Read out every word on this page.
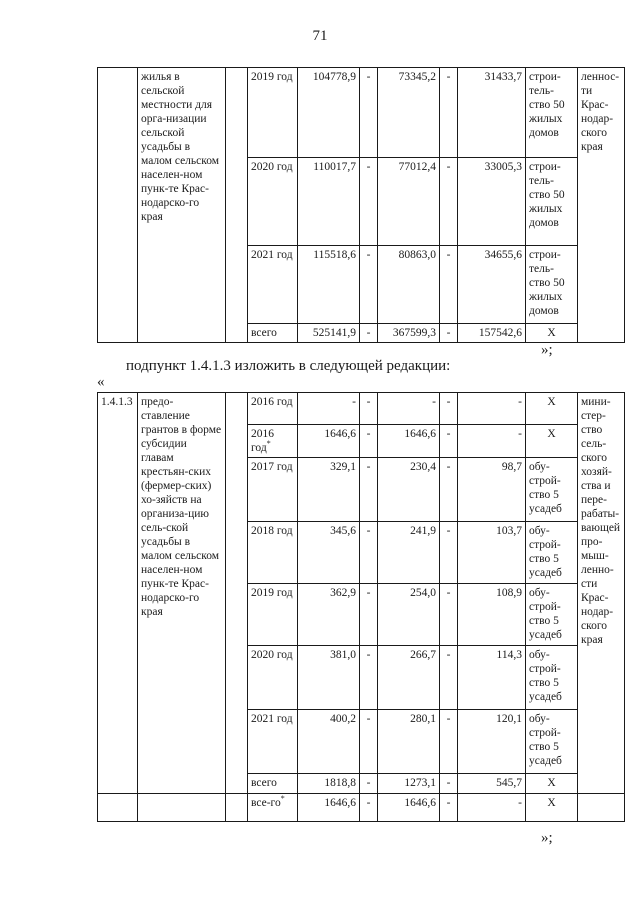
71
	жилья в сельской местности для орга-низации сельской усадьбы в малом сельском населен-ном пунк-те Крас-нодарско-го края		2019 год	104778,9	-	73345,2	-	31433,7	строи-тель-ство 50 жилых домов	леннос-ти Крас-нодар-ского края
			2020 год	110017,7	-	77012,4	-	33005,3	строи-тель-ство 50 жилых домов	
			2021 год	115518,6	-	80863,0	-	34655,6	строи-тель-ство 50 жилых домов	
			всего	525141,9	-	367599,3	-	157542,6	X	
»;
подпункт 1.4.1.3 изложить в следующей редакции:
«
1.4.1.3	предо-ставление грантов в форме субсидии главам крестьян-ских (фермер-ских) хо-зяйств на организа-цию сель-ской усадьбы в малом сельском населен-ном пунк-те Крас-нодарско-го края		2016 год	-	-	-	-	-	X	мини-стер-ство сель-ского хозяй-ства и пере-рабаты-вающей про-мыш-ленно-сти Крас-нодар-ского края
			2016 год*	1646,6	-	1646,6	-	-	X	
			2017 год	329,1	-	230,4	-	98,7	обу-строй-ство 5 усадеб	
			2018 год	345,6	-	241,9	-	103,7	обу-строй-ство 5 усадеб	
			2019 год	362,9	-	254,0	-	108,9	обу-строй-ство 5 усадеб	
			2020 год	381,0	-	266,7	-	114,3	обу-строй-ство 5 усадеб	
			2021 год	400,2	-	280,1	-	120,1	обу-строй-ство 5 усадеб	
			всего	1818,8	-	1273,1	-	545,7	X	
			все-го*	1646,6	-	1646,6	-	-	X	
»;
